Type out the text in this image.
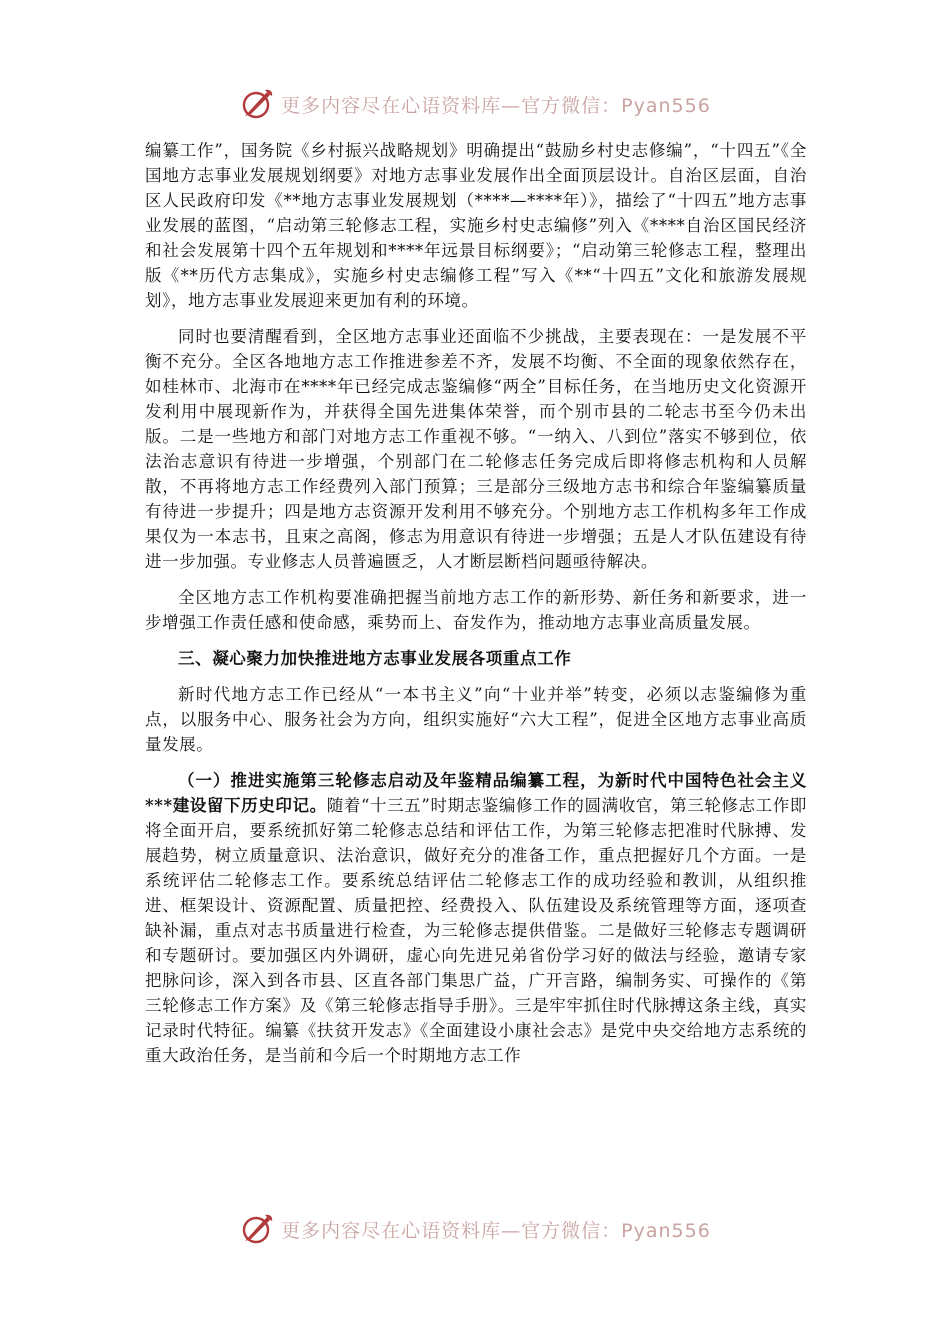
更多内容尽在心语资料库—官方微信：Pyan556

编纂工作”，国务院《乡村振兴战略规划》明确提出“鼓励乡村史志修编”，“十四五”《全国地方志事业发展规划纲要》对地方志事业发展作出全面顶层设计。自治区层面，自治区人民政府印发《**地方志事业发展规划（****—****年）》，描绘了“十四五”地方志事业发展的蓝图，“启动第三轮修志工程，实施乡村史志编修”列入《****自治区国民经济和社会发展第十四个五年规划和****年远景目标纲要》；“启动第三轮修志工程，整理出版《**历代方志集成》，实施乡村史志编修工程”写入《**“十四五”文化和旅游发展规划》，地方志事业发展迎来更加有利的环境。

同时也要清醒看到，全区地方志事业还面临不少挑战，主要表现在：一是发展不平衡不充分。全区各地地方志工作推进参差不齐，发展不均衡、不全面的现象依然存在，如桂林市、北海市在****年已经完成志鉴编修“两全”目标任务，在当地历史文化资源开发利用中展现新作为，并获得全国先进集体荣誉，而个别市县的二轮志书至今仍未出版。二是一些地方和部门对地方志工作重视不够。“一纳入、八到位”落实不够到位，依法治志意识有待进一步增强，个别部门在二轮修志任务完成后即将修志机构和人员解散，不再将地方志工作经费列入部门预算；三是部分三级地方志书和综合年鉴编纂质量有待进一步提升；四是地方志资源开发利用不够充分。个别地方志工作机构多年工作成果仅为一本志书，且束之高阁，修志为用意识有待进一步增强；五是人才队伍建设有待进一步加强。专业修志人员普遍匮乏，人才断层断档问题亟待解决。

全区地方志工作机构要准确把握当前地方志工作的新形势、新任务和新要求，进一步增强工作责任感和使命感，乘势而上、奋发作为，推动地方志事业高质量发展。

三、凝心聚力加快推进地方志事业发展各项重点工作

新时代地方志工作已经从“一本书主义”向“十业并举”转变，必须以志鉴编修为重点，以服务中心、服务社会为方向，组织实施好“六大工程”，促进全区地方志事业高质量发展。

（一）推进实施第三轮修志启动及年鉴精品编纂工程，为新时代中国特色社会主义***建设留下历史印记。随着“十三五”时期志鉴编修工作的圆满收官，第三轮修志工作即将全面开启，要系统抓好第二轮修志总结和评估工作，为第三轮修志把准时代脉搏、发展趋势，树立质量意识、法治意识，做好充分的准备工作，重点把握好几个方面。一是系统评估二轮修志工作。要系统总结评估二轮修志工作的成功经验和教训，从组织推进、框架设计、资源配置、质量把控、经费投入、队伍建设及系统管理等方面，逐项查缺补漏，重点对志书质量进行检查，为三轮修志提供借鉴。二是做好三轮修志专题调研和专题研讨。要加强区内外调研，虚心向先进兄弟省份学习好的做法与经验，邀请专家把脉问诊，深入到各市县、区直各部门集思广益，广开言路，编制务实、可操作的《第三轮修志工作方案》及《第三轮修志指导手册》。三是牢牢抓住时代脉搏这条主线，真实记录时代特征。编纂《扶贫开发志》《全面建设小康社会志》是党中央交给地方志系统的重大政治任务，是当前和今后一个时期地方志工作

更多内容尽在心语资料库—官方微信：Pyan556
